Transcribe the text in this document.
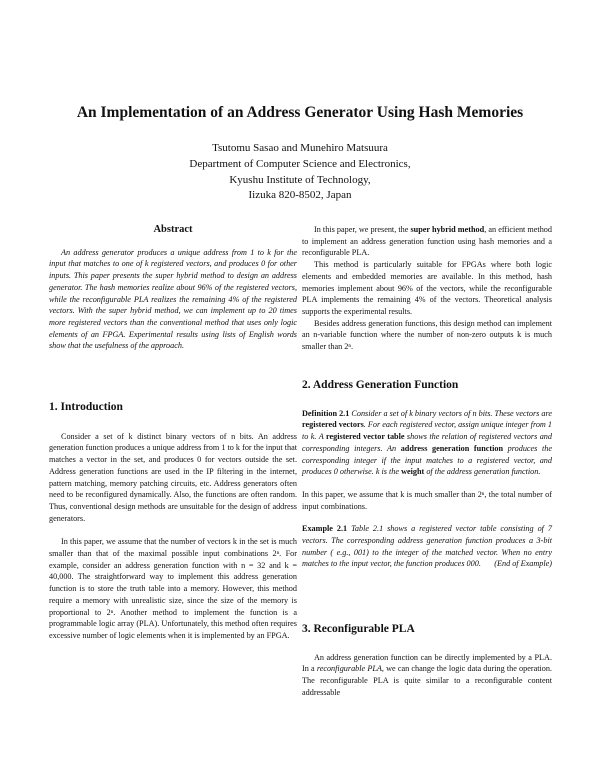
An Implementation of an Address Generator Using Hash Memories
Tsutomu Sasao and Munehiro Matsuura
Department of Computer Science and Electronics,
Kyushu Institute of Technology,
Iizuka 820-8502, Japan
Abstract

An address generator produces a unique address from 1 to k for the input that matches to one of k registered vectors, and produces 0 for other inputs. This paper presents the super hybrid method to design an address generator. The hash memories realize about 96% of the registered vectors, while the reconfigurable PLA realizes the remaining 4% of the registered vectors. With the super hybrid method, we can implement up to 20 times more registered vectors than the conventional method that uses only logic elements of an FPGA. Experimental results using lists of English words show that the usefulness of the approach.

1. Introduction

Consider a set of k distinct binary vectors of n bits. An address generation function produces a unique address from 1 to k for the input that matches a vector in the set, and produces 0 for vectors outside the set. Address generation functions are used in the IP filtering in the internet, pattern matching, memory patching circuits, etc. Address generators often need to be reconfigured dynamically. Also, the functions are often random. Thus, conventional design methods are unsuitable for the design of address generators.

In this paper, we assume that the number of vectors k in the set is much smaller than that of the maximal possible input combinations 2ⁿ. For example, consider an address generation function with n = 32 and k = 40,000. The straightforward way to implement this address generation function is to store the truth table into a memory. However, this method require a memory with unrealistic size, since the size of the memory is proportional to 2ⁿ. Another method to implement the function is a programmable logic array (PLA). Unfortunately, this method often requires excessive number of logic elements when it is implemented by an FPGA.

In this paper, we present, the super hybrid method, an efficient method to implement an address generation function using hash memories and a reconfigurable PLA.

This method is particularly suitable for FPGAs where both logic elements and embedded memories are available. In this method, hash memories implement about 96% of the vectors, while the reconfigurable PLA implements the remaining 4% of the vectors. Theoretical analysis supports the experimental results.

Besides address generation functions, this design method can implement an n-variable function where the number of non-zero outputs k is much smaller than 2ⁿ.

2. Address Generation Function

Definition 2.1 Consider a set of k binary vectors of n bits. These vectors are registered vectors. For each registered vector, assign unique integer from 1 to k. A registered vector table shows the relation of registered vectors and corresponding integers. An address generation function produces the corresponding integer if the input matches to a registered vector, and produces 0 otherwise. k is the weight of the address generation function.

In this paper, we assume that k is much smaller than 2ⁿ, the total number of input combinations.

Example 2.1 Table 2.1 shows a registered vector table consisting of 7 vectors. The corresponding address generation function produces a 3-bit number ( e.g., 001) to the integer of the matched vector. When no entry matches to the input vector, the function produces 000. (End of Example)

3. Reconfigurable PLA

An address generation function can be directly implemented by a PLA. In a reconfigurable PLA, we can change the logic data during the operation. The reconfigurable PLA is quite similar to a reconfigurable content addressable
